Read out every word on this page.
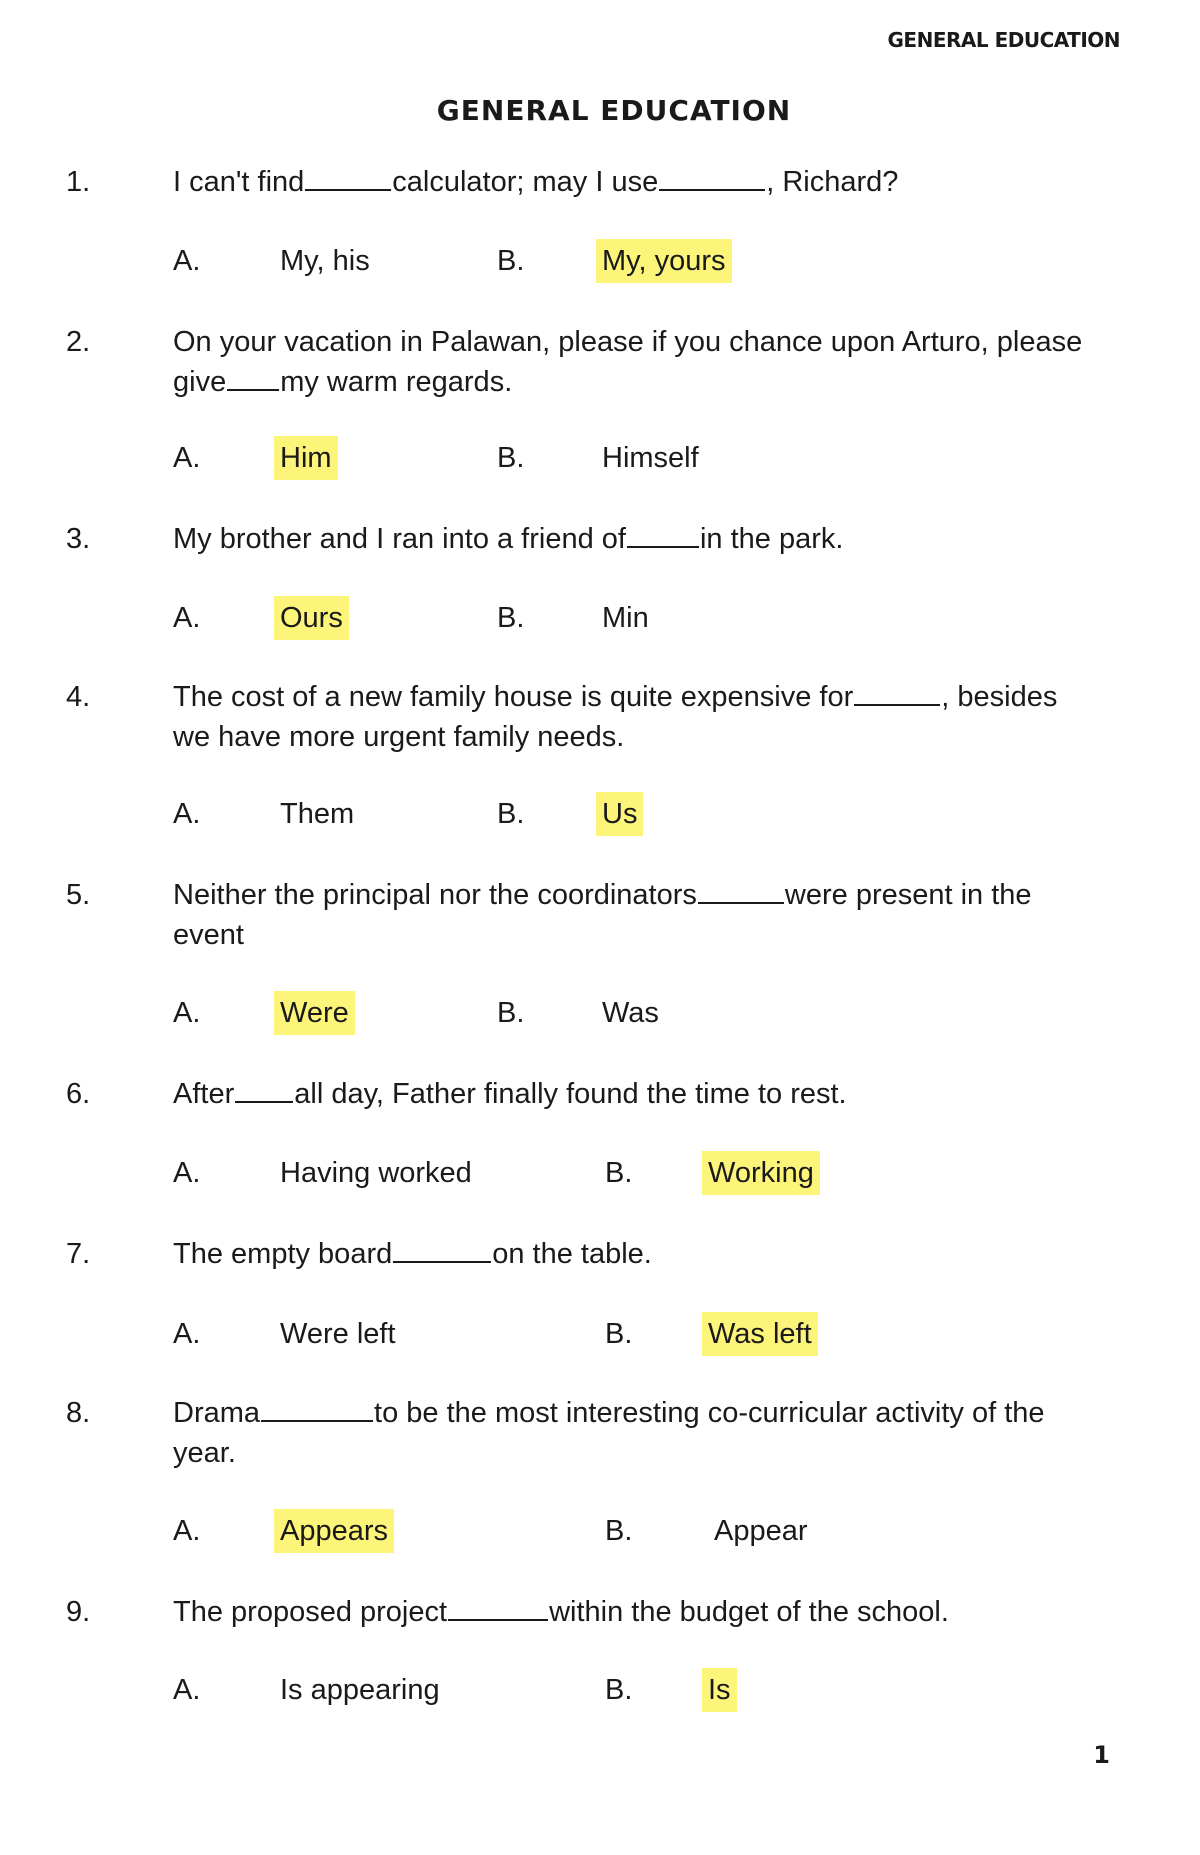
GENERAL EDUCATION
GENERAL EDUCATION
1.	I can't find	calculator; may I use	, Richard?
A.	My, his	B.	My, yours
2.	On your vacation in Palawan, please if you chance upon Arturo, please
give my warm regards.
A.	Him	B.	Himself
3.	My brother and I ran into a friend of	in the park.
A.	Ours	B.	Min
4.	The cost of a new family house is quite expensive for	, besides
we have more urgent family needs.
A.	Them	B.	Us
5.	Neither the principal nor the coordinators	were present in the
event
A.	Were	B.	Was
6.	After all day, Father finally found the time to rest.
A.	Having worked	B.	Working
7.	The empty board	on the table.
A.	Were left	B.	Was left
8.	Drama	to be the most interesting co-curricular activity of the
year.
A.	Appears	B.	Appear
9.	The proposed project	within the budget of the school.
A.	Is appearing	B.	Is
1
